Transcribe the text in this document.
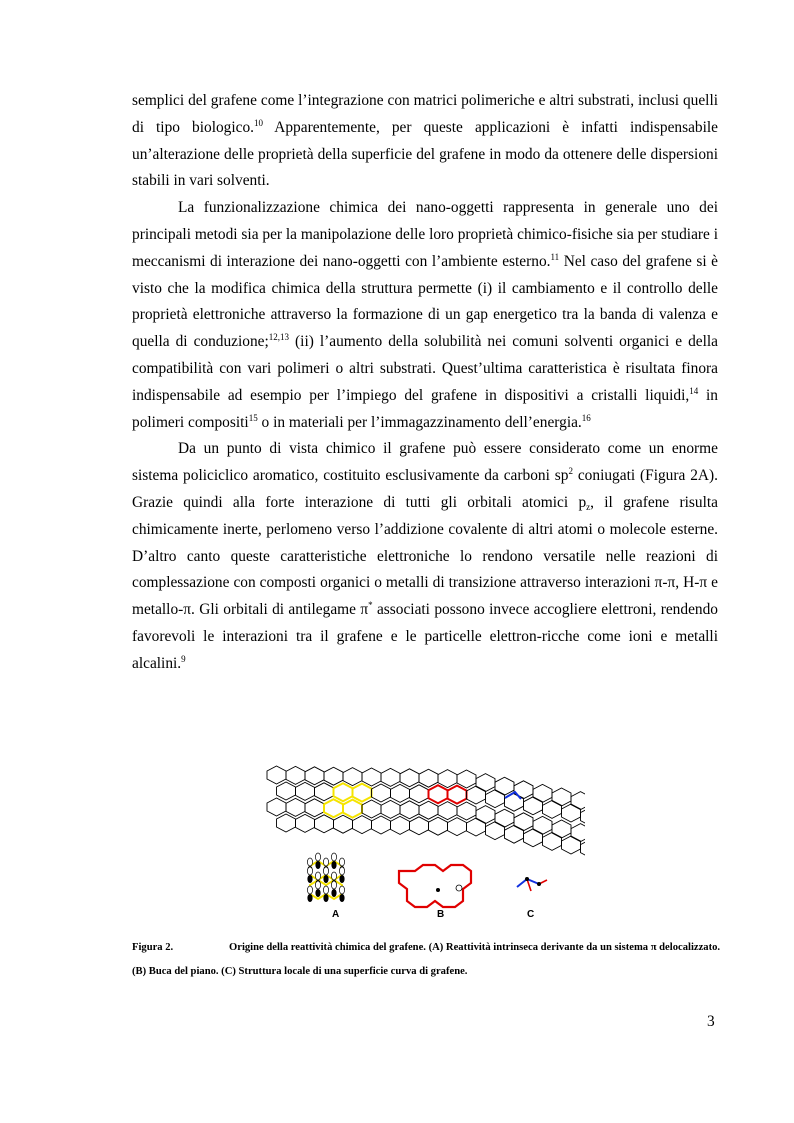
semplici del grafene come l’integrazione con matrici polimeriche e altri substrati, inclusi quelli di tipo biologico.$^{10}$ Apparentemente, per queste applicazioni è infatti indispensabile un’alterazione delle proprietà della superficie del grafene in modo da ottenere delle dispersioni stabili in vari solventi.

La funzionalizzazione chimica dei nano-oggetti rappresenta in generale uno dei principali metodi sia per la manipolazione delle loro proprietà chimico-fisiche sia per studiare i meccanismi di interazione dei nano-oggetti con l’ambiente esterno.$^{11}$ Nel caso del grafene si è visto che la modifica chimica della struttura permette (i) il cambiamento e il controllo delle proprietà elettroniche attraverso la formazione di un gap energetico tra la banda di valenza e quella di conduzione;$^{12,13}$ (ii) l’aumento della solubilità nei comuni solventi organici e della compatibilità con vari polimeri o altri substrati. Quest’ultima caratteristica è risultata finora indispensabile ad esempio per l’impiego del grafene in dispositivi a cristalli liquidi,$^{14}$ in polimeri compositi$^{15}$ o in materiali per l’immagazzinamento dell’energia.$^{16}$

Da un punto di vista chimico il grafene può essere considerato come un enorme sistema policiclico aromatico, costituito esclusivamente da carboni $sp^2$ coniugati (Figura 2A). Grazie quindi alla forte interazione di tutti gli orbitali atomici $p_z$, il grafene risulta chimicamente inerte, perlomeno verso l’addizione covalente di altri atomi o molecole esterne. D’altro canto queste caratteristiche elettroniche lo rendono versatile nelle reazioni di complessazione con composti organici o metalli di transizione attraverso interazioni π-π, H-π e metallo-π. Gli orbitali di antilegame π* associati possono invece accogliere elettroni, rendendo favorevoli le interazioni tra il grafene e le particelle elettron-ricche come ioni e metalli alcalini.$^9$

A	B	C
Figura 2.	Origine della reattività chimica del grafene. (A) Reattività intrinseca derivante da un sistema π delocalizzato. (B) Buca del piano. (C) Struttura locale di una superficie curva di grafene.
3
